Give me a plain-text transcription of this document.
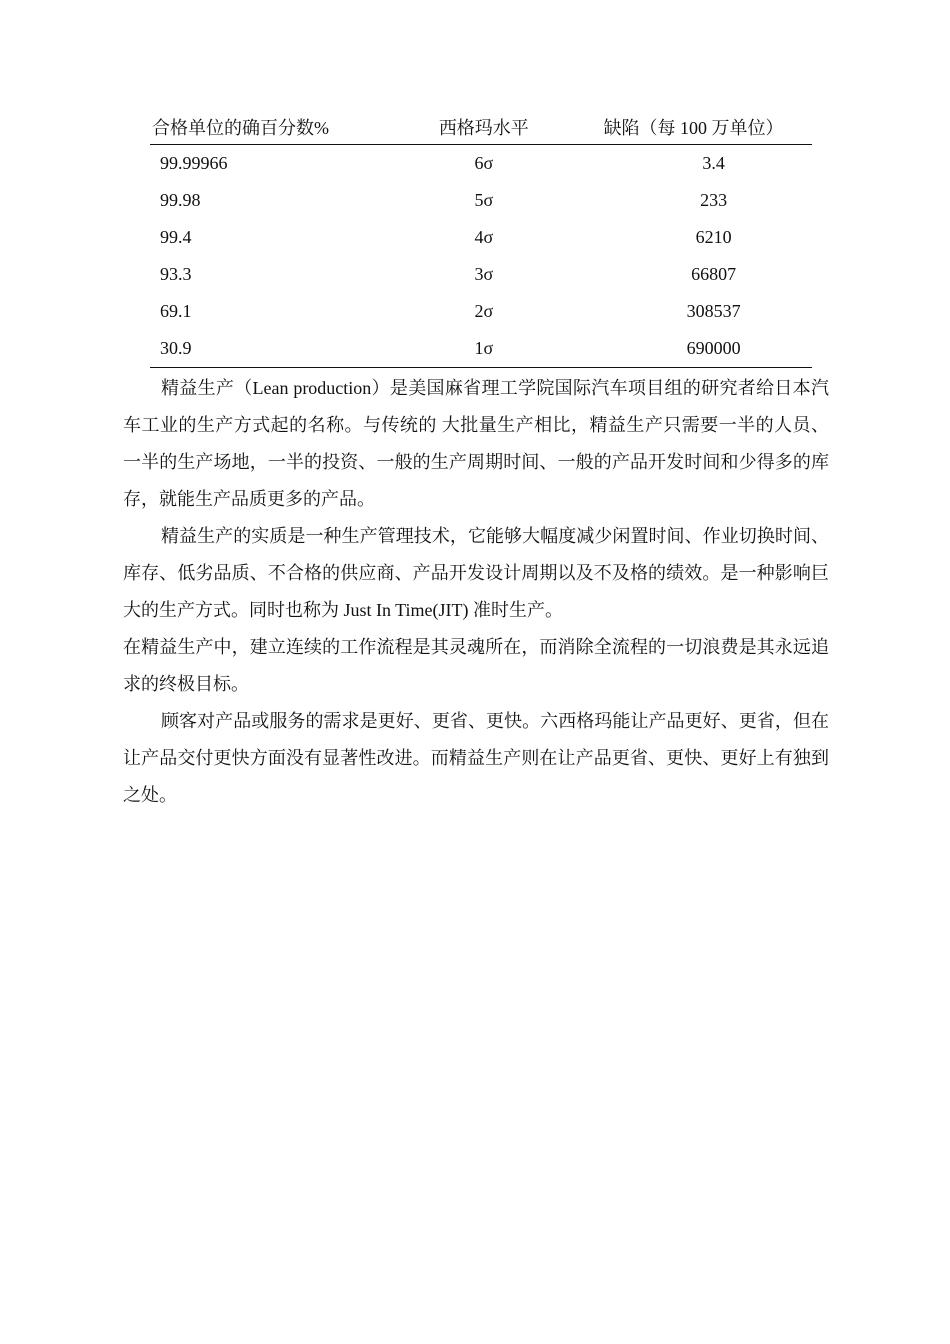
合格单位的确百分数%	西格玛水平	缺陷（每 100 万单位）
99.99966	6σ	3.4
99.98	5σ	233
99.4	4σ	6210
93.3	3σ	66807
69.1	2σ	308537
30.9	1σ	690000

精益生产（Lean production）是美国麻省理工学院国际汽车项目组的研究者给日本汽车工业的生产方式起的名称。与传统的 大批量生产相比，精益生产只需要一半的人员、一半的生产场地，一半的投资、一般的生产周期时间、一般的产品开发时间和少得多的库存，就能生产品质更多的产品。

精益生产的实质是一种生产管理技术，它能够大幅度减少闲置时间、作业切换时间、库存、低劣品质、不合格的供应商、产品开发设计周期以及不及格的绩效。是一种影响巨大的生产方式。同时也称为 Just In Time(JIT) 准时生产。

在精益生产中，建立连续的工作流程是其灵魂所在，而消除全流程的一切浪费是其永远追求的终极目标。

顾客对产品或服务的需求是更好、更省、更快。六西格玛能让产品更好、更省，但在让产品交付更快方面没有显著性改进。而精益生产则在让产品更省、更快、更好上有独到之处。
